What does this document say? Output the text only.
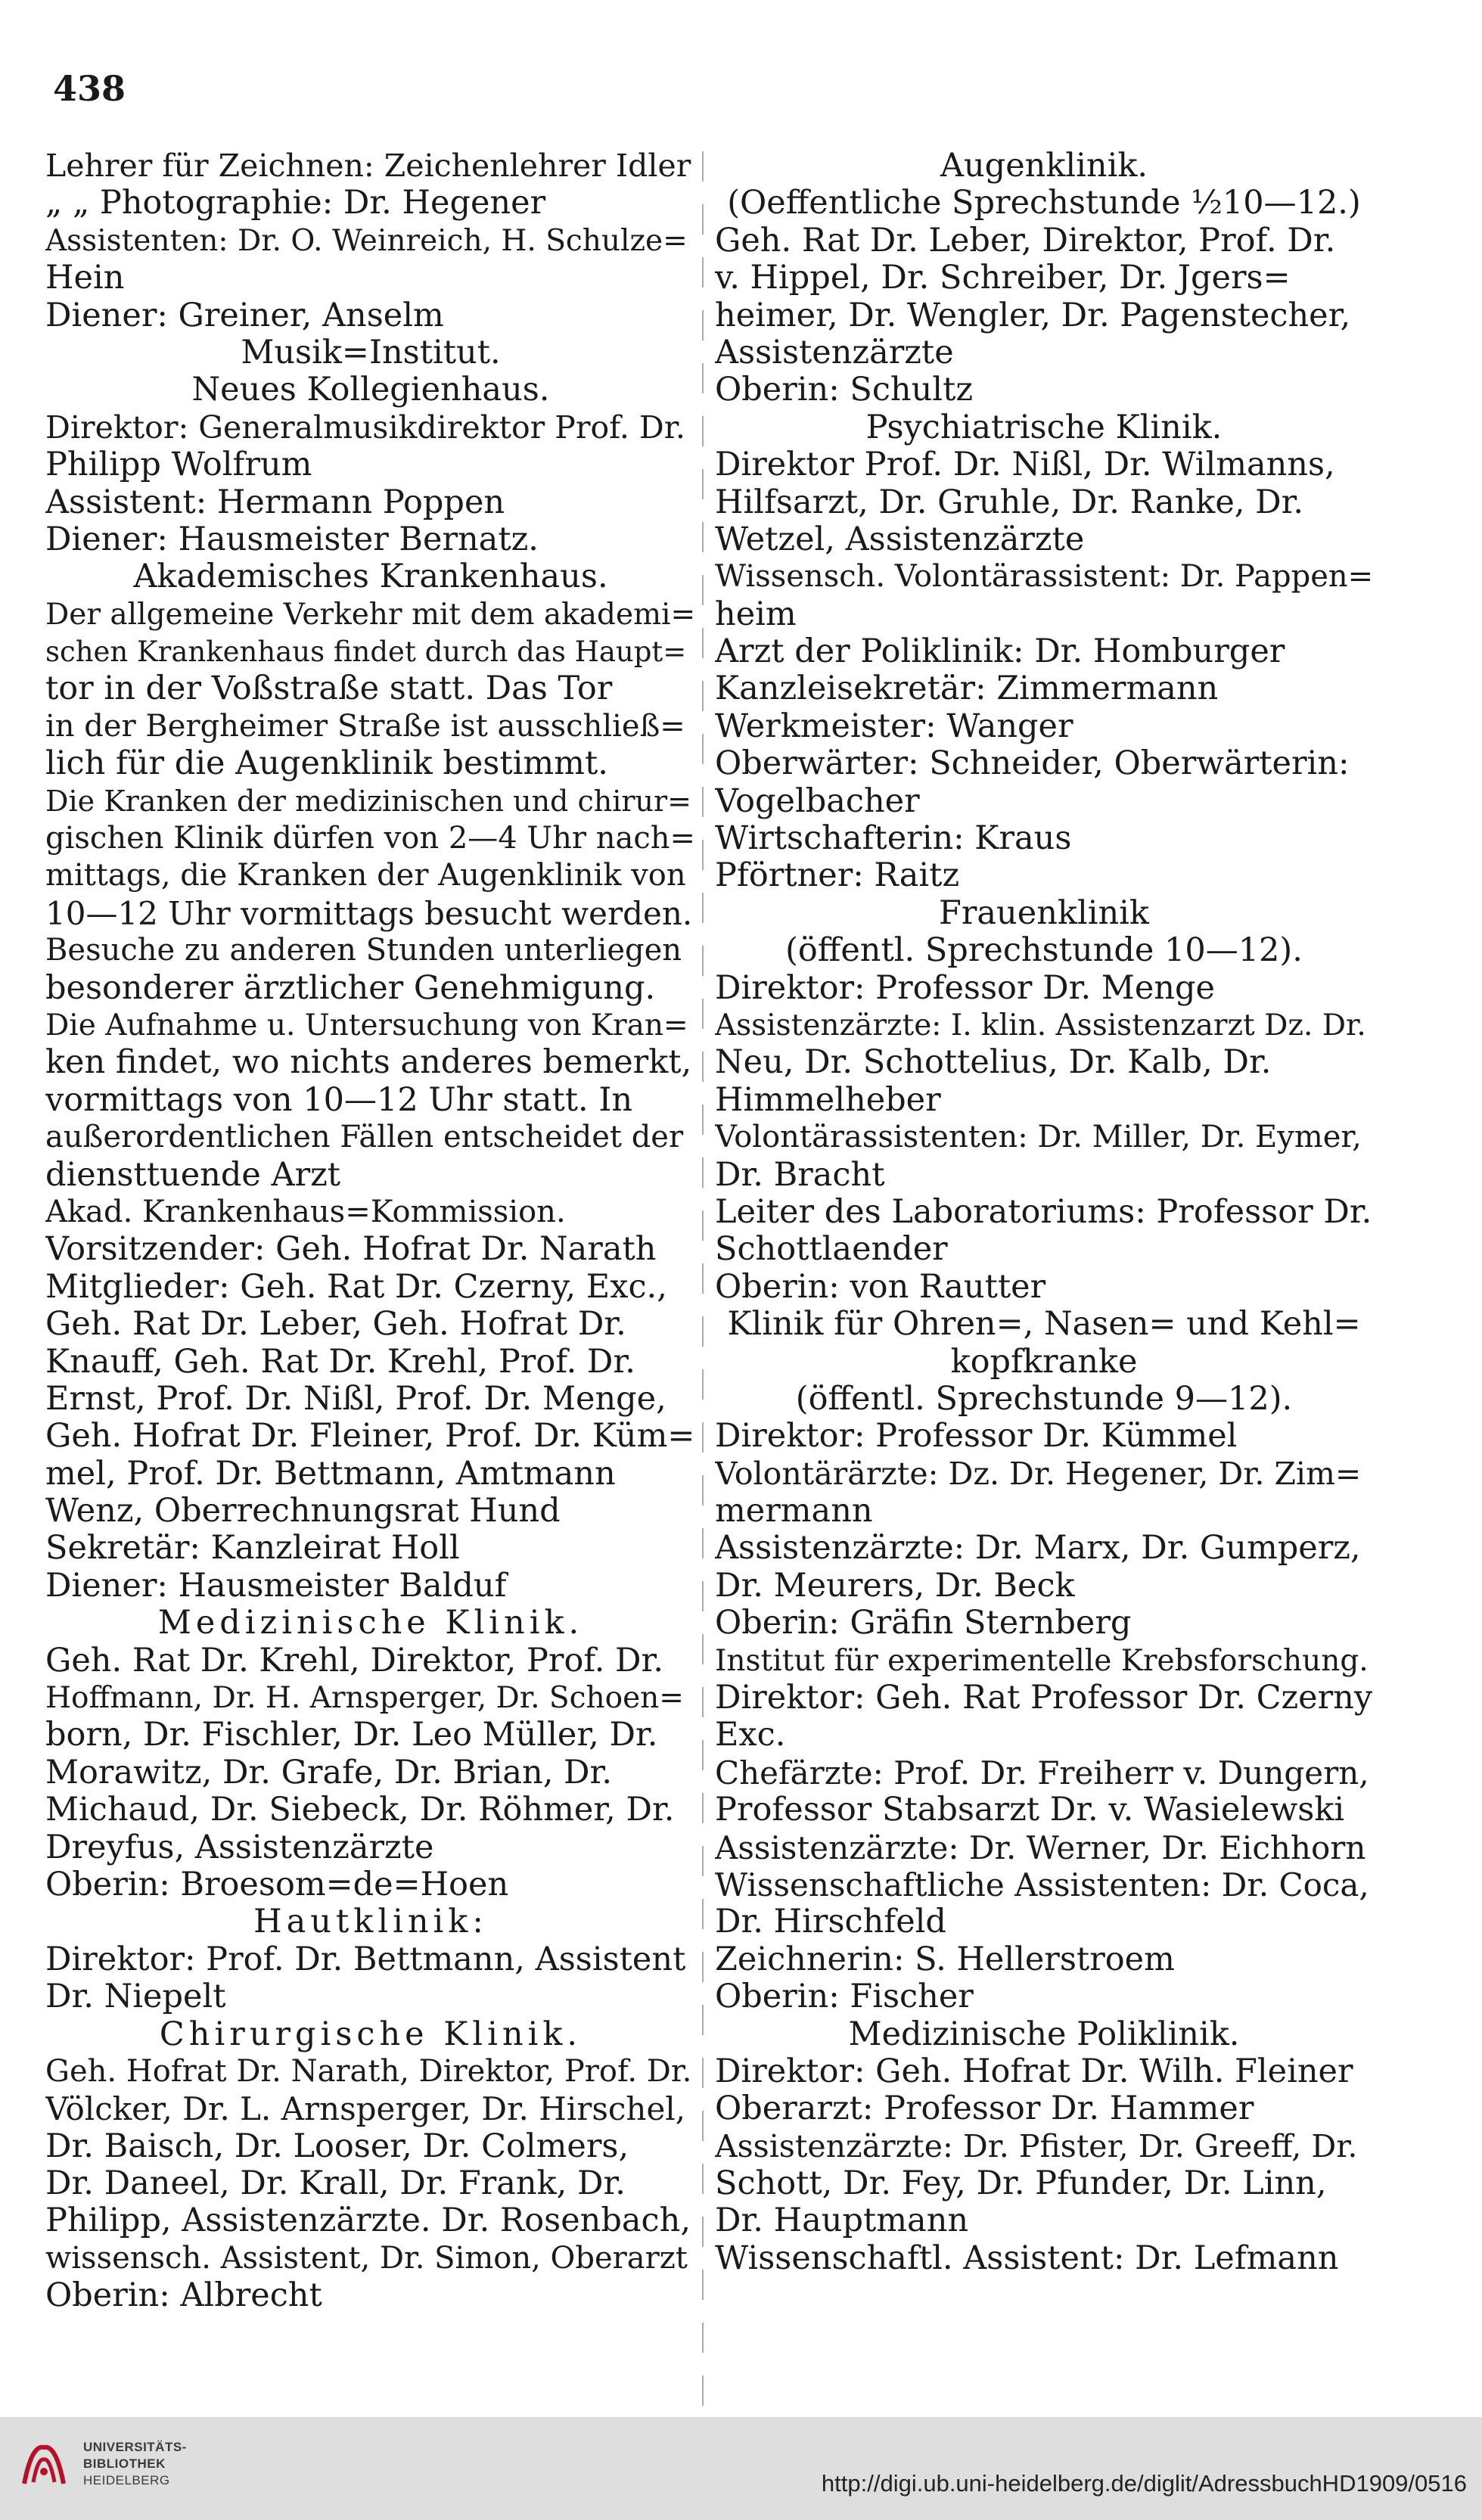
438
Lehrer für Zeichnen: Zeichenlehrer Idler
„ „ Photographie: Dr. Hegener
Assistenten: Dr. O. Weinreich, H. Schulze=
Hein
Diener: Greiner, Anselm
Musik=Institut.
Neues Kollegienhaus.
Direktor: Generalmusikdirektor Prof. Dr.
Philipp Wolfrum
Assistent: Hermann Poppen
Diener: Hausmeister Bernatz.
Akademisches Krankenhaus.
Der allgemeine Verkehr mit dem akademi=
schen Krankenhaus findet durch das Haupt=
tor in der Voßstraße statt. Das Tor
in der Bergheimer Straße ist ausschließ=
lich für die Augenklinik bestimmt.
Die Kranken der medizinischen und chirur=
gischen Klinik dürfen von 2—4 Uhr nach=
mittags, die Kranken der Augenklinik von
10—12 Uhr vormittags besucht werden.
Besuche zu anderen Stunden unterliegen
besonderer ärztlicher Genehmigung.
Die Aufnahme u. Untersuchung von Kran=
ken findet, wo nichts anderes bemerkt,
vormittags von 10—12 Uhr statt. In
außerordentlichen Fällen entscheidet der
diensttuende Arzt
Akad. Krankenhaus=Kommission.
Vorsitzender: Geh. Hofrat Dr. Narath
Mitglieder: Geh. Rat Dr. Czerny, Exc.,
Geh. Rat Dr. Leber, Geh. Hofrat Dr.
Knauff, Geh. Rat Dr. Krehl, Prof. Dr.
Ernst, Prof. Dr. Nißl, Prof. Dr. Menge,
Geh. Hofrat Dr. Fleiner, Prof. Dr. Küm=
mel, Prof. Dr. Bettmann, Amtmann
Wenz, Oberrechnungsrat Hund
Sekretär: Kanzleirat Holl
Diener: Hausmeister Balduf
Medizinische Klinik.
Geh. Rat Dr. Krehl, Direktor, Prof. Dr.
Hoffmann, Dr. H. Arnsperger, Dr. Schoen=
born, Dr. Fischler, Dr. Leo Müller, Dr.
Morawitz, Dr. Grafe, Dr. Brian, Dr.
Michaud, Dr. Siebeck, Dr. Röhmer, Dr.
Dreyfus, Assistenzärzte
Oberin: Broesom=de=Hoen
Hautklinik:
Direktor: Prof. Dr. Bettmann, Assistent
Dr. Niepelt
Chirurgische Klinik.
Geh. Hofrat Dr. Narath, Direktor, Prof. Dr.
Völcker, Dr. L. Arnsperger, Dr. Hirschel,
Dr. Baisch, Dr. Looser, Dr. Colmers,
Dr. Daneel, Dr. Krall, Dr. Frank, Dr.
Philipp, Assistenzärzte. Dr. Rosenbach,
wissensch. Assistent, Dr. Simon, Oberarzt
Oberin: Albrecht
Augenklinik.
(Oeffentliche Sprechstunde ½10—12.)
Geh. Rat Dr. Leber, Direktor, Prof. Dr.
v. Hippel, Dr. Schreiber, Dr. Jgers=
heimer, Dr. Wengler, Dr. Pagenstecher,
Assistenzärzte
Oberin: Schultz
Psychiatrische Klinik.
Direktor Prof. Dr. Nißl, Dr. Wilmanns,
Hilfsarzt, Dr. Gruhle, Dr. Ranke, Dr.
Wetzel, Assistenzärzte
Wissensch. Volontärassistent: Dr. Pappen=
heim
Arzt der Poliklinik: Dr. Homburger
Kanzleisekretär: Zimmermann
Werkmeister: Wanger
Oberwärter: Schneider, Oberwärterin:
Vogelbacher
Wirtschafterin: Kraus
Pförtner: Raitz
Frauenklinik
(öffentl. Sprechstunde 10—12).
Direktor: Professor Dr. Menge
Assistenzärzte: I. klin. Assistenzarzt Dz. Dr.
Neu, Dr. Schottelius, Dr. Kalb, Dr.
Himmelheber
Volontärassistenten: Dr. Miller, Dr. Eymer,
Dr. Bracht
Leiter des Laboratoriums: Professor Dr.
Schottlaender
Oberin: von Rautter
Klinik für Ohren=, Nasen= und Kehl=
kopfkranke
(öffentl. Sprechstunde 9—12).
Direktor: Professor Dr. Kümmel
Volontärärzte: Dz. Dr. Hegener, Dr. Zim=
mermann
Assistenzärzte: Dr. Marx, Dr. Gumperz,
Dr. Meurers, Dr. Beck
Oberin: Gräfin Sternberg
Institut für experimentelle Krebsforschung.
Direktor: Geh. Rat Professor Dr. Czerny
Exc.
Chefärzte: Prof. Dr. Freiherr v. Dungern,
Professor Stabsarzt Dr. v. Wasielewski
Assistenzärzte: Dr. Werner, Dr. Eichhorn
Wissenschaftliche Assistenten: Dr. Coca,
Dr. Hirschfeld
Zeichnerin: S. Hellerstroem
Oberin: Fischer
Medizinische Poliklinik.
Direktor: Geh. Hofrat Dr. Wilh. Fleiner
Oberarzt: Professor Dr. Hammer
Assistenzärzte: Dr. Pfister, Dr. Greeff, Dr.
Schott, Dr. Fey, Dr. Pfunder, Dr. Linn,
Dr. Hauptmann
Wissenschaftl. Assistent: Dr. Lefmann
UNIVERSITÄTS-
BIBLIOTHEK
HEIDELBERG	http://digi.ub.uni-heidelberg.de/diglit/AdressbuchHD1909/0516
